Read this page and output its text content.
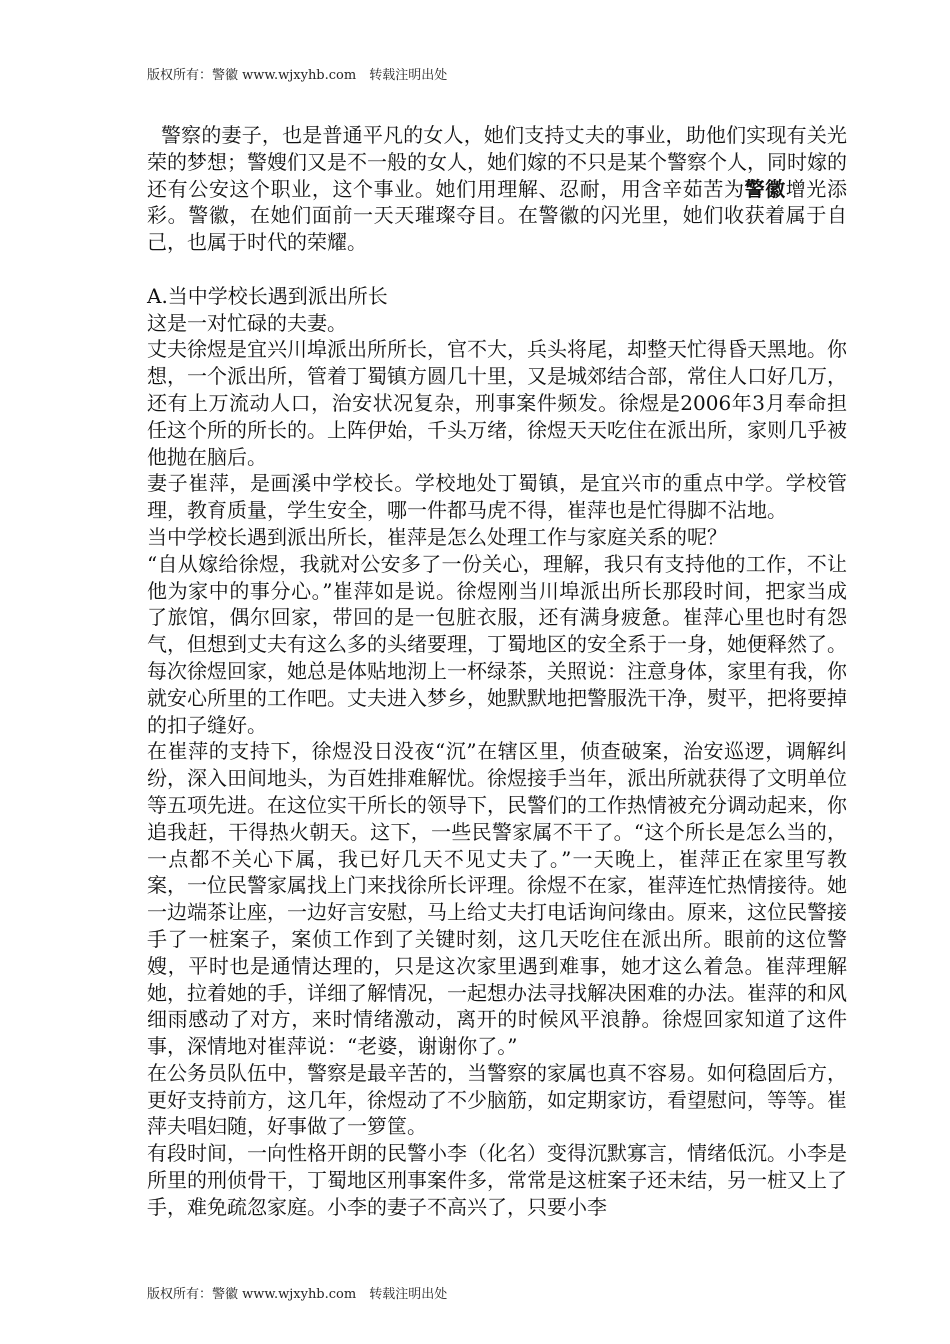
版权所有：警徽 www.wjxyhb.com　转载注明出处

警察的妻子，也是普通平凡的女人，她们支持丈夫的事业，助他们实现有关光荣的梦想；警嫂们又是不一般的女人，她们嫁的不只是某个警察个人，同时嫁的还有公安这个职业，这个事业。她们用理解、忍耐，用含辛茹苦为警徽增光添彩。警徽，在她们面前一天天璀璨夺目。在警徽的闪光里，她们收获着属于自己，也属于时代的荣耀。

A.当中学校长遇到派出所长

这是一对忙碌的夫妻。

丈夫徐煜是宜兴川埠派出所所长，官不大，兵头将尾，却整天忙得昏天黑地。你想，一个派出所，管着丁蜀镇方圆几十里，又是城郊结合部，常住人口好几万，还有上万流动人口，治安状况复杂，刑事案件频发。徐煜是2006年3月奉命担任这个所的所长的。上阵伊始，千头万绪，徐煜天天吃住在派出所，家则几乎被他抛在脑后。

妻子崔萍，是画溪中学校长。学校地处丁蜀镇，是宜兴市的重点中学。学校管理，教育质量，学生安全，哪一件都马虎不得，崔萍也是忙得脚不沾地。

当中学校长遇到派出所长，崔萍是怎么处理工作与家庭关系的呢？

“自从嫁给徐煜，我就对公安多了一份关心，理解，我只有支持他的工作，不让他为家中的事分心。”崔萍如是说。徐煜刚当川埠派出所长那段时间，把家当成了旅馆，偶尔回家，带回的是一包脏衣服，还有满身疲惫。崔萍心里也时有怨气，但想到丈夫有这么多的头绪要理，丁蜀地区的安全系于一身，她便释然了。每次徐煜回家，她总是体贴地沏上一杯绿茶，关照说：注意身体，家里有我，你就安心所里的工作吧。丈夫进入梦乡，她默默地把警服洗干净，熨平，把将要掉的扣子缝好。

在崔萍的支持下，徐煜没日没夜“沉”在辖区里，侦查破案，治安巡逻，调解纠纷，深入田间地头，为百姓排难解忧。徐煜接手当年，派出所就获得了文明单位等五项先进。在这位实干所长的领导下，民警们的工作热情被充分调动起来，你追我赶，干得热火朝天。这下，一些民警家属不干了。“这个所长是怎么当的，一点都不关心下属，我已好几天不见丈夫了。”一天晚上，崔萍正在家里写教案，一位民警家属找上门来找徐所长评理。徐煜不在家，崔萍连忙热情接待。她一边端茶让座，一边好言安慰，马上给丈夫打电话询问缘由。原来，这位民警接手了一桩案子，案侦工作到了关键时刻，这几天吃住在派出所。眼前的这位警嫂，平时也是通情达理的，只是这次家里遇到难事，她才这么着急。崔萍理解她，拉着她的手，详细了解情况，一起想办法寻找解决困难的办法。崔萍的和风细雨感动了对方，来时情绪激动，离开的时候风平浪静。徐煜回家知道了这件事，深情地对崔萍说：“老婆，谢谢你了。”

在公务员队伍中，警察是最辛苦的，当警察的家属也真不容易。如何稳固后方，更好支持前方，这几年，徐煜动了不少脑筋，如定期家访，看望慰问，等等。崔萍夫唱妇随，好事做了一箩筐。

有段时间，一向性格开朗的民警小李（化名）变得沉默寡言，情绪低沉。小李是所里的刑侦骨干，丁蜀地区刑事案件多，常常是这桩案子还未结，另一桩又上了手，难免疏忽家庭。小李的妻子不高兴了，只要小李

版权所有：警徽 www.wjxyhb.com　转载注明出处
